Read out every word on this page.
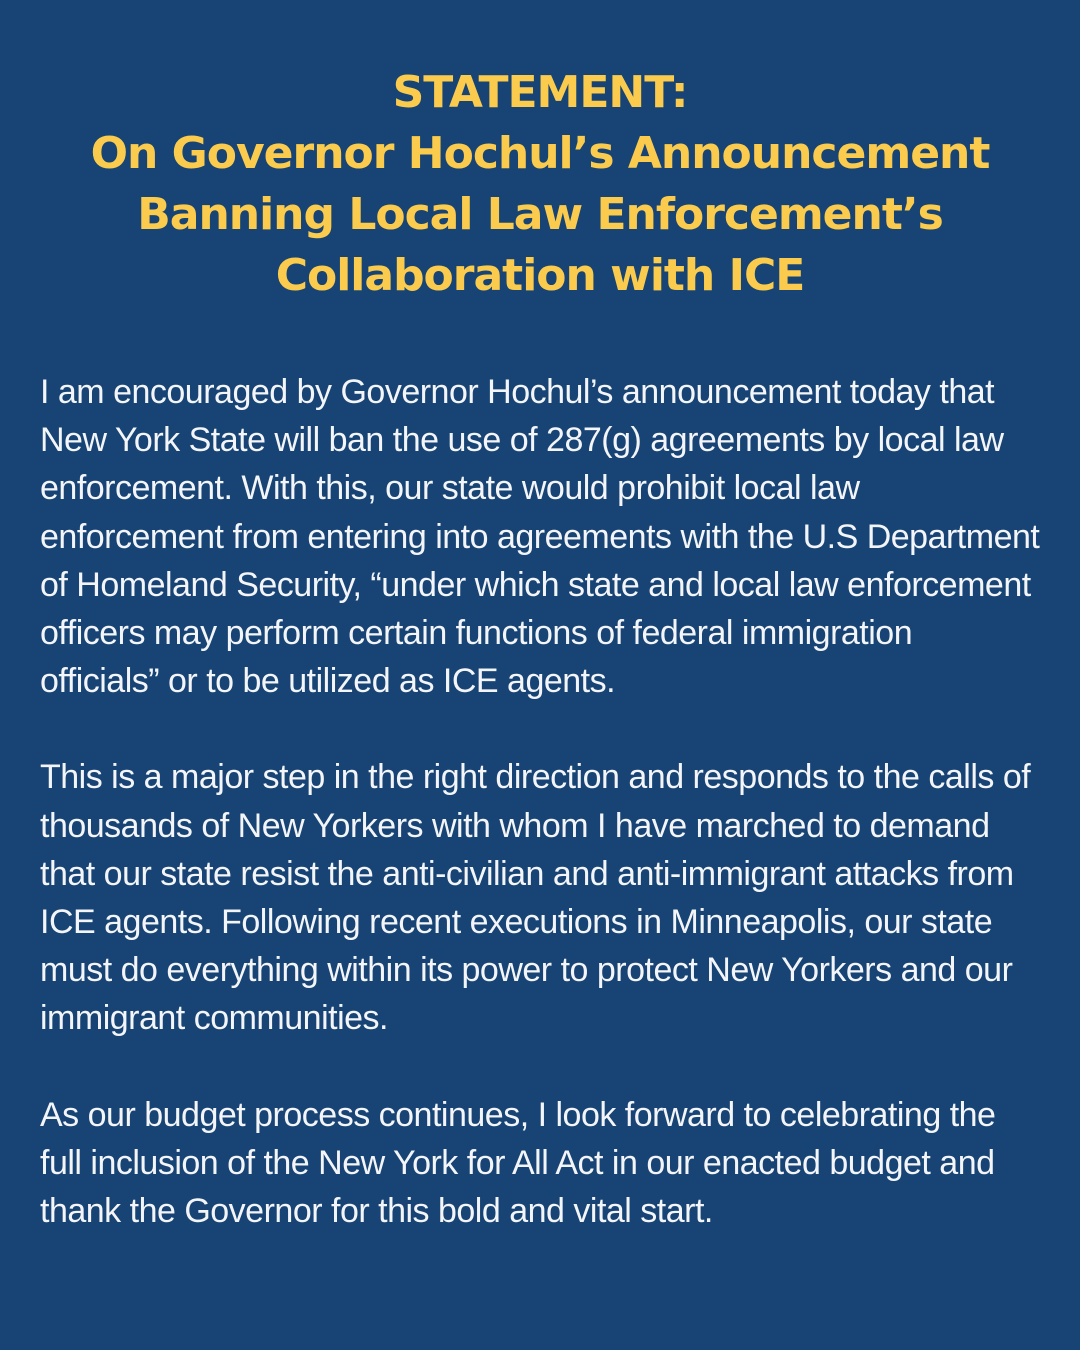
STATEMENT:
On Governor Hochul’s Announcement
Banning Local Law Enforcement’s
Collaboration with ICE

I am encouraged by Governor Hochul’s announcement today that New York State will ban the use of 287(g) agreements by local law enforcement. With this, our state would prohibit local law enforcement from entering into agreements with the U.S Department of Homeland Security, “under which state and local law enforcement officers may perform certain functions of federal immigration officials” or to be utilized as ICE agents.

This is a major step in the right direction and responds to the calls of thousands of New Yorkers with whom I have marched to demand that our state resist the anti-civilian and anti-immigrant attacks from ICE agents. Following recent executions in Minneapolis, our state must do everything within its power to protect New Yorkers and our immigrant communities.

As our budget process continues, I look forward to celebrating the full inclusion of the New York for All Act in our enacted budget and thank the Governor for this bold and vital start.
